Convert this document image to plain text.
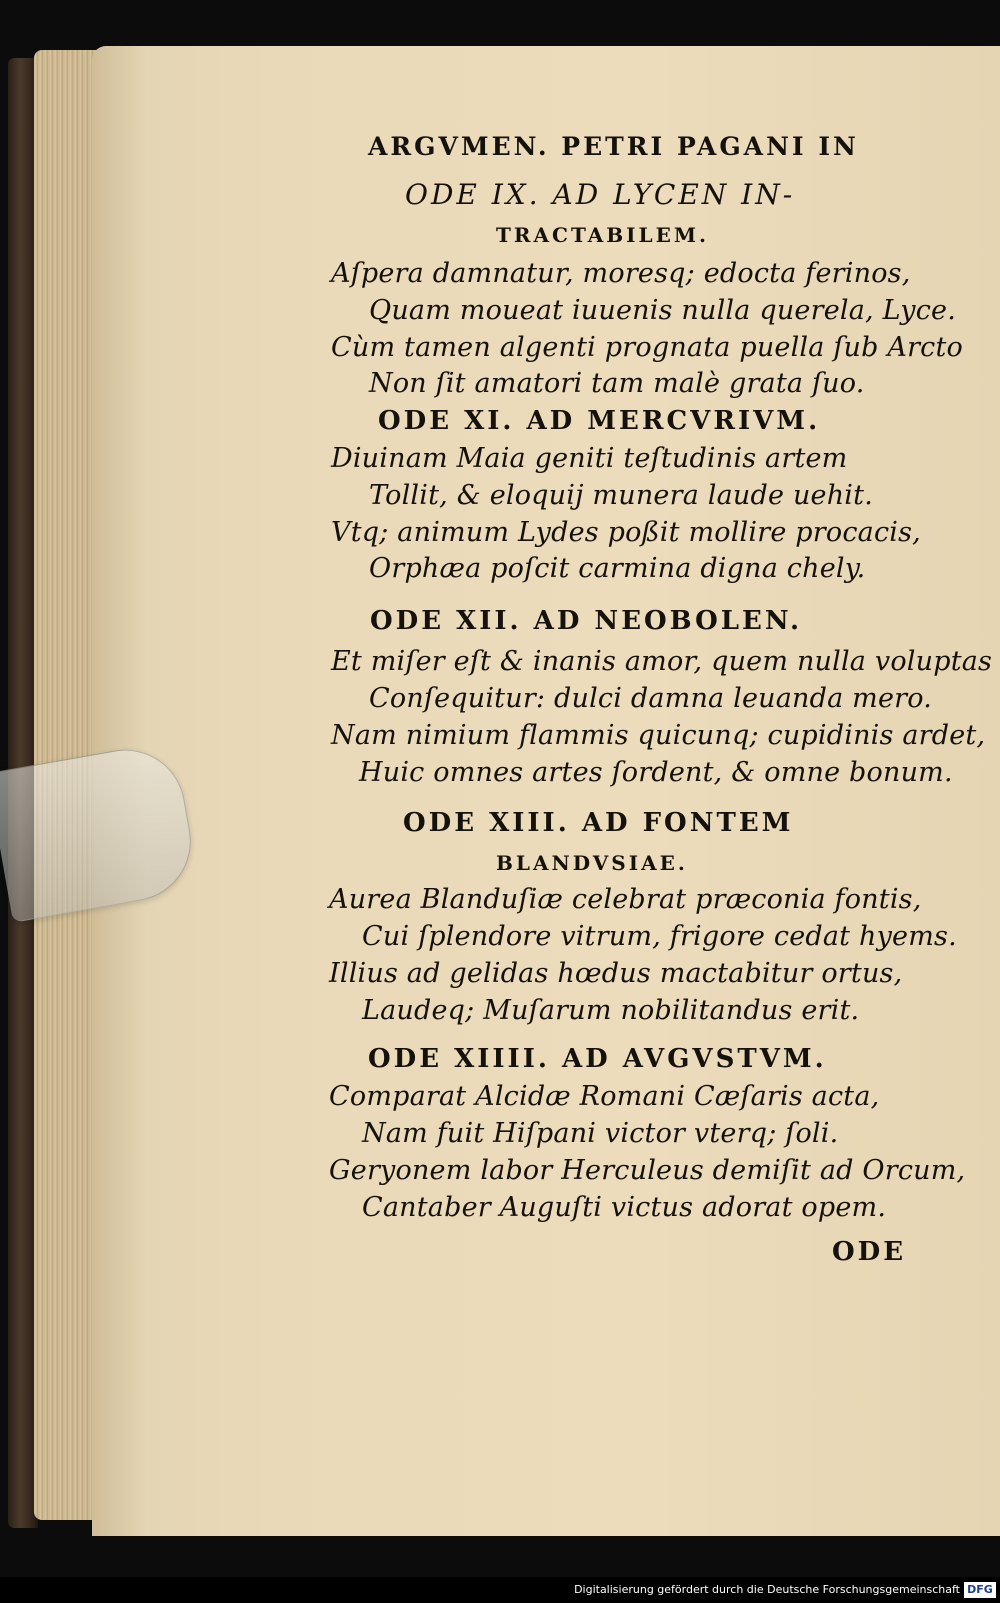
ARGVMEN. PETRI PAGANI IN
ODE IX. AD LYCEN IN-
TRACTABILEM.
Aſpera damnatur, moresq; edocta ferinos,
Quam moueat iuuenis nulla querela, Lyce.
Cùm tamen algenti prognata puella ſub Arcto
Non ſit amatori tam malè grata ſuo.
ODE XI. AD MERCVRIVM.
Diuinam Maia geniti teſtudinis artem
Tollit, & eloquij munera laude uehit.
Vtq; animum Lydes poßit mollire procacis,
Orphæa poſcit carmina digna chely.
ODE XII. AD NEOBOLEN.
Et miſer eſt & inanis amor, quem nulla voluptas
Conſequitur: dulci damna leuanda mero.
Nam nimium flammis quicunq; cupidinis ardet,
Huic omnes artes ſordent, & omne bonum.
ODE XIII. AD FONTEM
BLANDVSIAE.
Aurea Blanduſiæ celebrat præconia fontis,
Cui ſplendore vitrum, frigore cedat hyems.
Illius ad gelidas hœdus mactabitur ortus,
Laudeq; Muſarum nobilitandus erit.
ODE XIIII. AD AVGVSTVM.
Comparat Alcidæ Romani Cæſaris acta,
Nam fuit Hiſpani victor vterq; ſoli.
Geryonem labor Herculeus demiſit ad Orcum,
Cantaber Auguſti victus adorat opem.
ODE
Digitalisierung gefördert durch die Deutsche Forschungsgemeinschaft DFG
